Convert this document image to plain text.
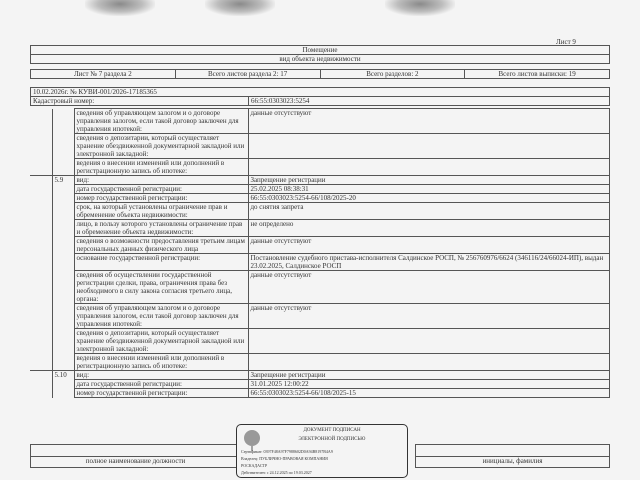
Лист 9
Помещение
вид объекта недвижимости
Лист № 7 раздела 2	Всего листов раздела 2: 17	Всего разделов: 2	Всего листов выписки: 19
10.02.2026г. № КУВИ-001/2026-17185365
Кадастровый номер:	66:55:0303023:5254
		сведения об управляющем залогом и о договоре управления залогом, если такой договор заключен для управления ипотекой:	данные отсутствуют
		сведения о депозитарии, который осуществляет хранение обездвиженной документарной закладной или электронной закладной:	
		ведения о внесении изменений или дополнений в регистрационную запись об ипотеке:	
	5.9	вид:	Запрещение регистрации
		дата государственной регистрации:	25.02.2025 08:38:31
		номер государственной регистрации:	66:55:0303023:5254-66/108/2025-20
		срок, на который установлены ограничение прав и обременение объекта недвижимости:	до снятия запрета
		лицо, в пользу которого установлены ограничение прав и обременение объекта недвижимости:	не определено
		сведения о возможности предоставления третьим лицам персональных данных физического лица	данные отсутствуют
		основание государственной регистрации:	Постановление судебного пристава-исполнителя Салдинское РОСП, № 256760976/6624 (346116/24/66024-ИП), выдан 23.02.2025, Салдинское РОСП
		сведения об осуществлении государственной регистрации сделки, права, ограничения права без необходимого в силу закона согласия третьего лица, органа:	данные отсутствуют
		сведения об управляющем залогом и о договоре управления залогом, если такой договор заключен для управления ипотекой:	данные отсутствуют
		сведения о депозитарии, который осуществляет хранение обездвиженной документарной закладной или электронной закладной:	
		ведения о внесении изменений или дополнений в регистрационную запись об ипотеке:	
	5.10	вид:	Запрещение регистрации
		дата государственной регистрации:	31.01.2025 12:00:22
		номер государственной регистрации:	66:55:0303023:5254-66/108/2025-15

полное наименование должности		инициалы, фамилия
ДОКУМЕНТ ПОДПИСАН
ЭЛЕКТРОННОЙ ПОДПИСЬЮ
Сертификат: 0397F48A97F7988602D0A94B8197B4A9
Владелец: ПУБЛИЧНО-ПРАВОВАЯ КОМПАНИЯ
РОСКАДАСТР
Действителен: с 24.12.2025 по 19.03.2027
